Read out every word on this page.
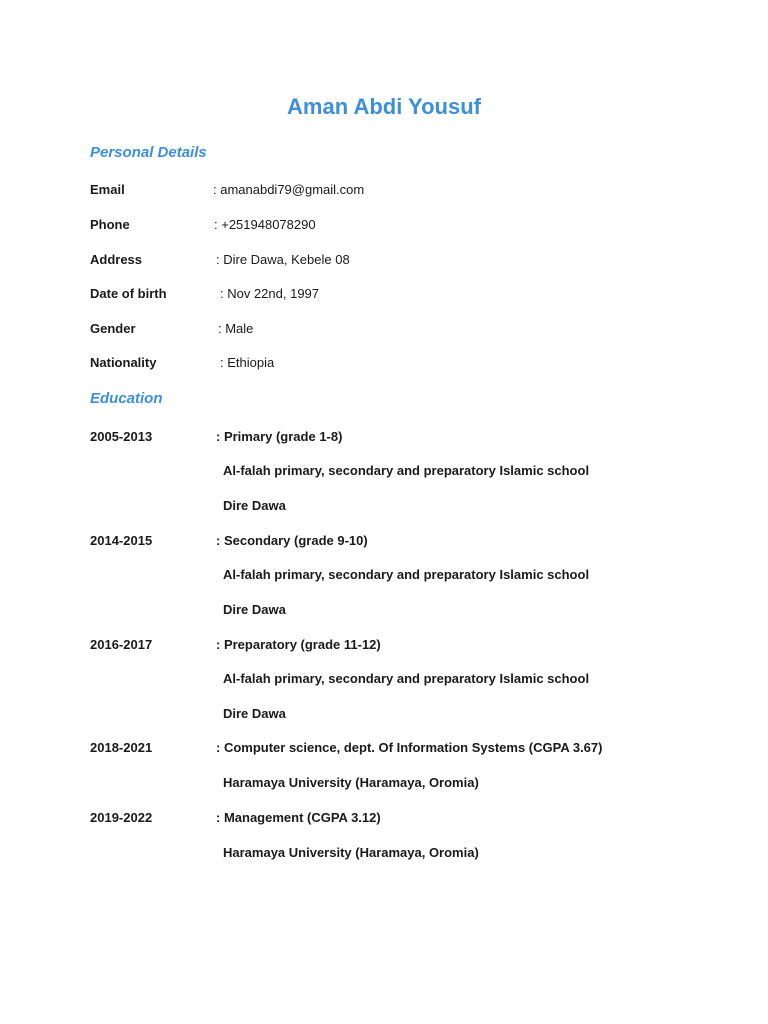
Aman Abdi Yousuf
Personal Details
Email	: amanabdi79@gmail.com
Phone	: +251948078290
Address	: Dire Dawa, Kebele 08
Date of birth	: Nov 22nd, 1997
Gender	: Male
Nationality	: Ethiopia
Education
2005-2013	: Primary (grade 1-8)
Al-falah primary, secondary and preparatory Islamic school
Dire Dawa
2014-2015	: Secondary (grade 9-10)
Al-falah primary, secondary and preparatory Islamic school
Dire Dawa
2016-2017	: Preparatory (grade 11-12)
Al-falah primary, secondary and preparatory Islamic school
Dire Dawa
2018-2021	: Computer science, dept. Of Information Systems (CGPA 3.67)
Haramaya University (Haramaya, Oromia)
2019-2022	: Management (CGPA 3.12)
Haramaya University (Haramaya, Oromia)
